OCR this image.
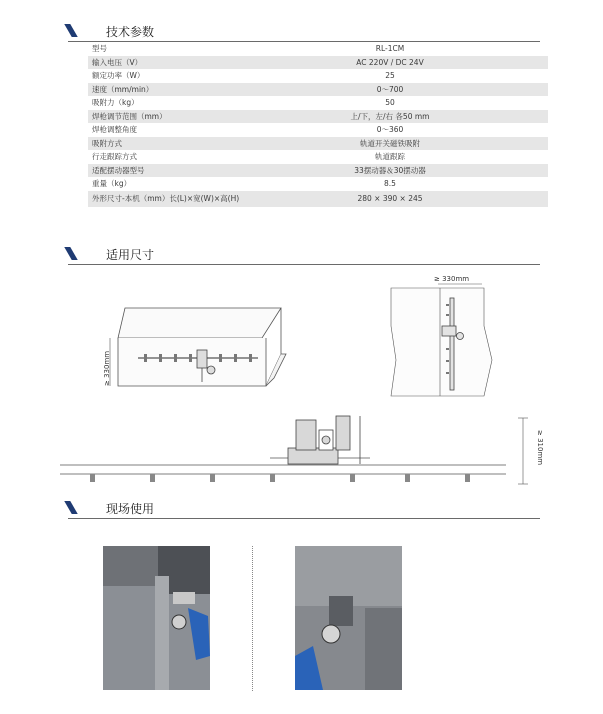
技术参数
型号	RL-1CM
输入电压（V）	AC 220V / DC 24V
额定功率（W）	25
速度（mm/min）	0～700
吸附力（kg）	50
焊枪调节范围（mm）	上/下，左/右 各50 mm
焊枪调整角度	0～360
吸附方式	轨道开关磁铁吸附
行走跟踪方式	轨道跟踪
适配摆动器型号	33摆动器＆30摆动器
重量（kg）	8.5
外形尺寸-本机（mm）长(L)×宽(W)×高(H)	280 × 390 × 245
适用尺寸
≥ 330mm
≥ 330mm
≥ 310mm
现场使用
